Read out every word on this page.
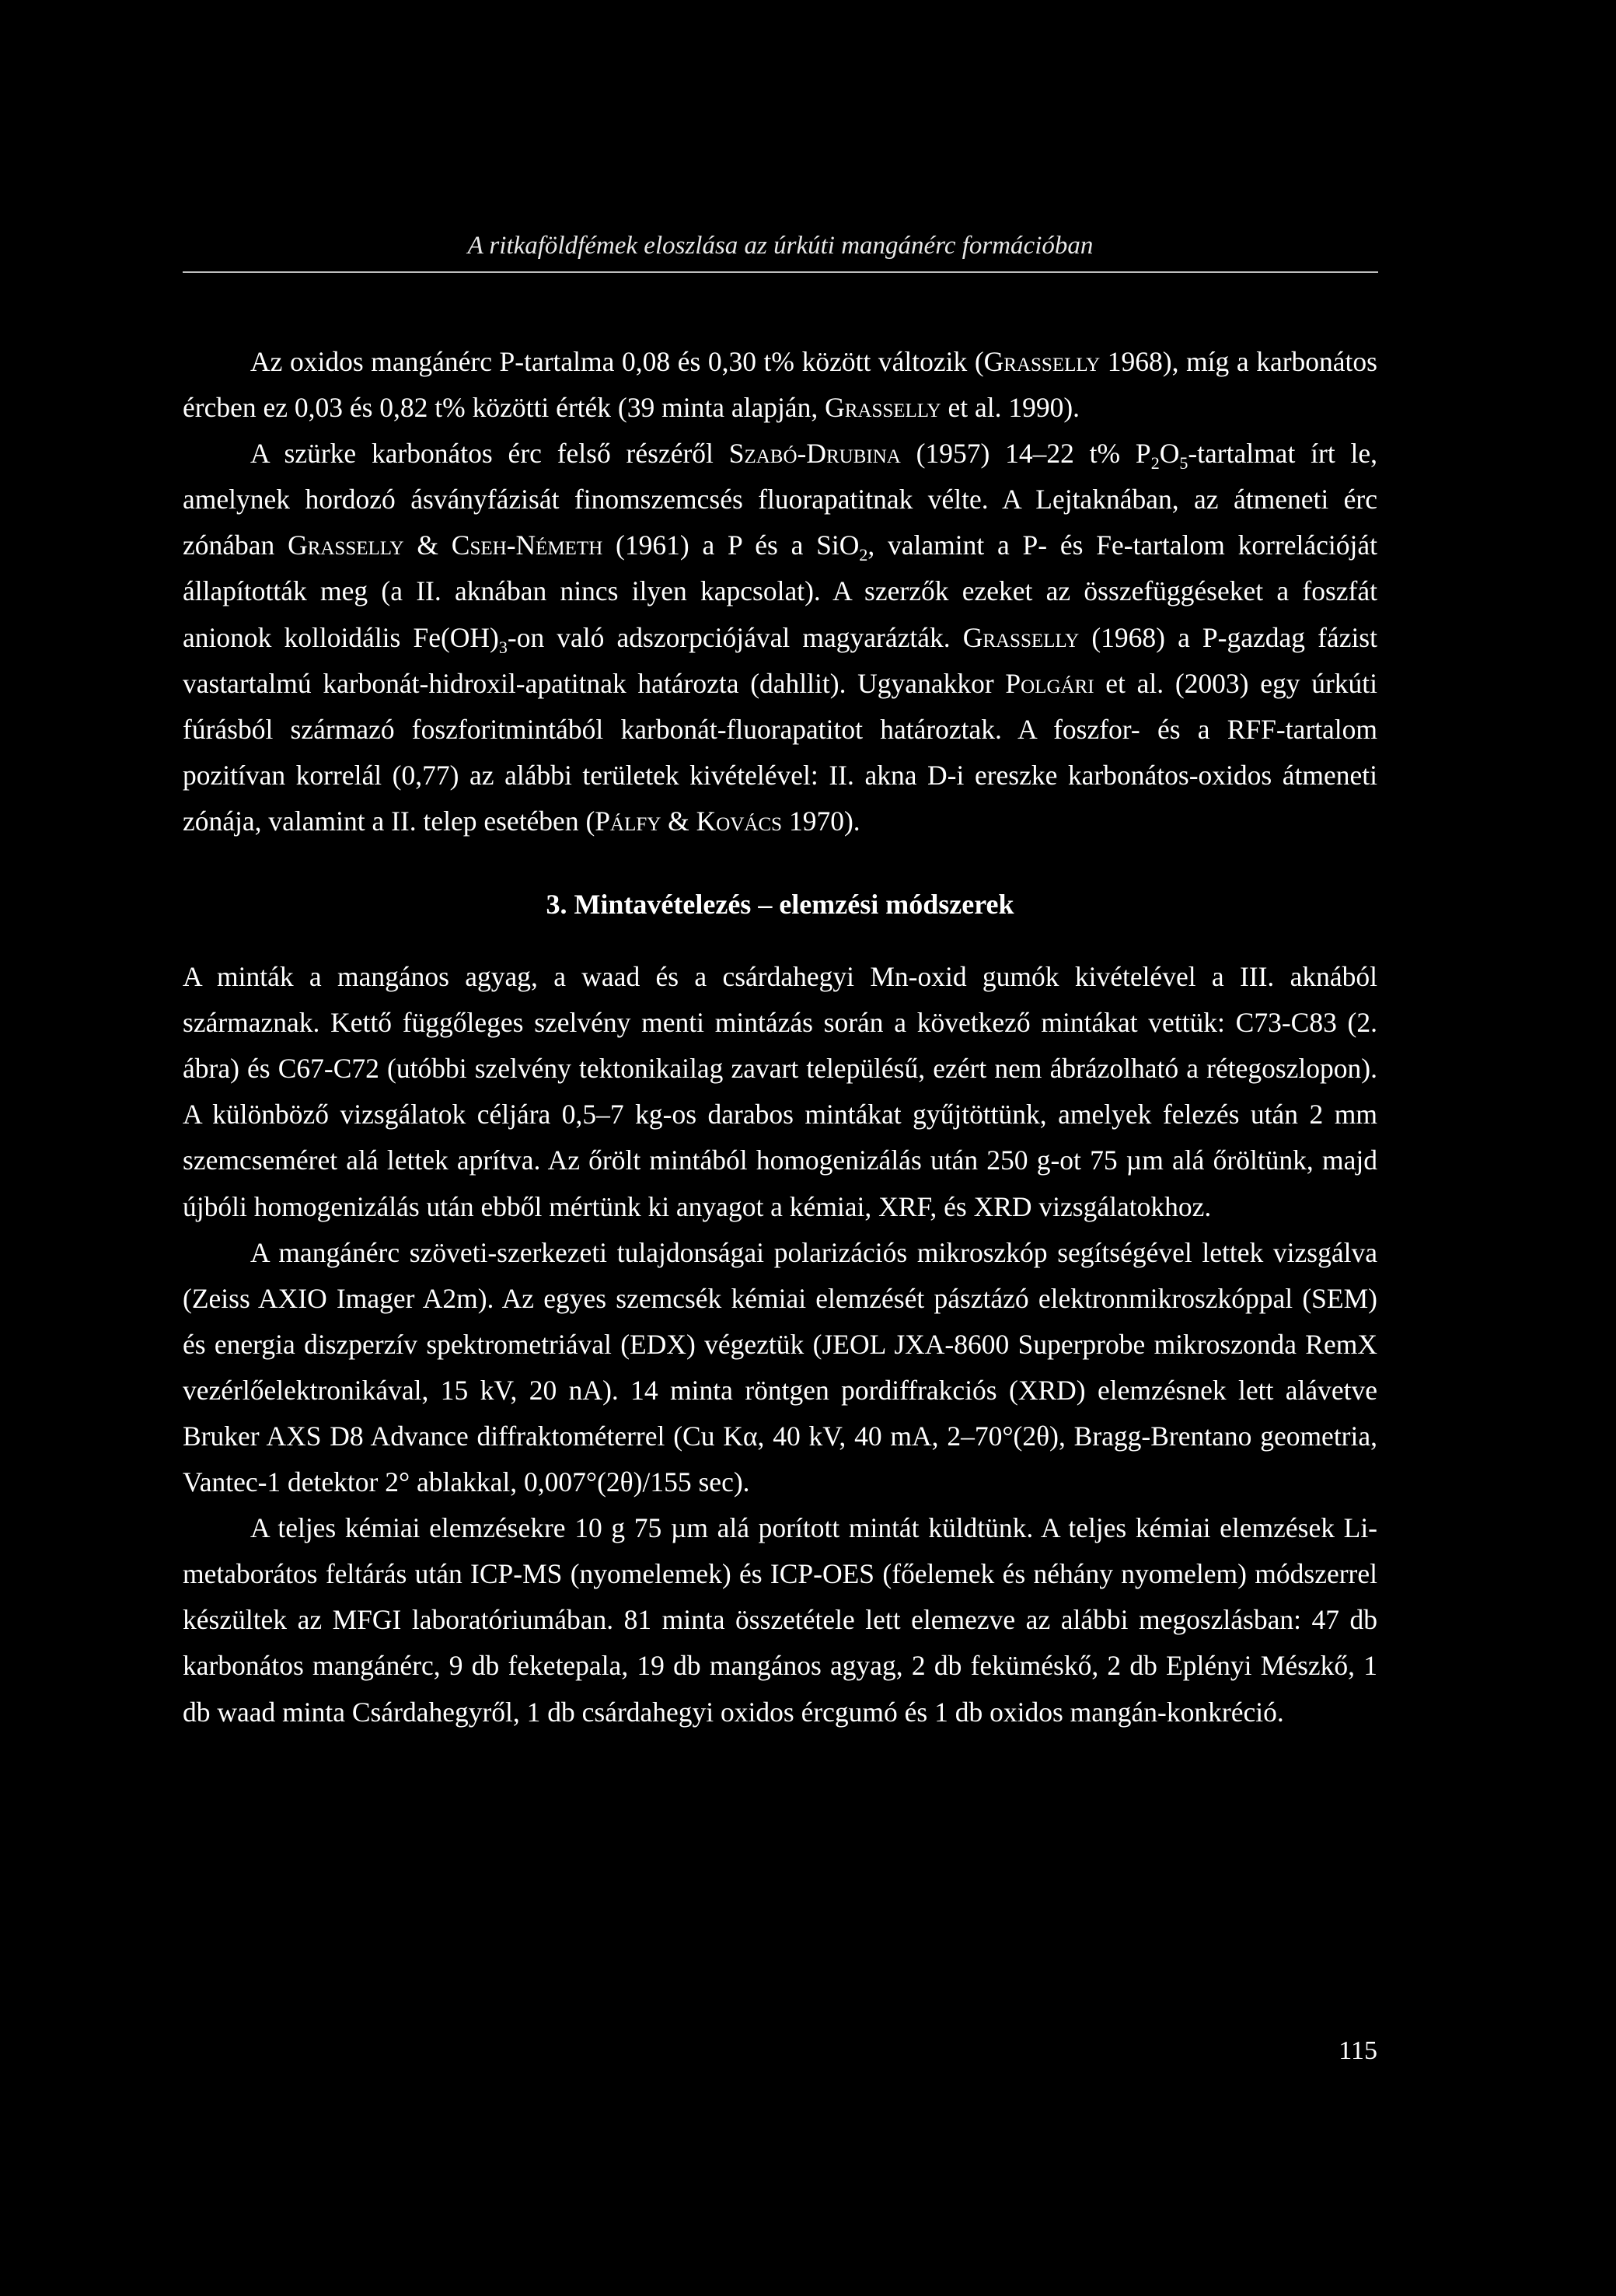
A ritkaföldfémek eloszlása az úrkúti mangánérc formációban

Az oxidos mangánérc P-tartalma 0,08 és 0,30 t% között változik (Grasselly 1968), míg a karbonátos ércben ez 0,03 és 0,82 t% közötti érték (39 minta alapján, Grasselly et al. 1990).

A szürke karbonátos érc felső részéről Szabó-Drubina (1957) 14–22 t% $P_2O_5$-tartalmat írt le, amelynek hordozó ásványfázisát finomszemcsés fluorapatitnak vélte. A Lejtaknában, az átmeneti érc zónában Grasselly & Cseh-Németh (1961) a P és a SiO$_2$, valamint a P- és Fe-tartalom korrelációját állapították meg (a II. aknában nincs ilyen kapcsolat). A szerzők ezeket az összefüggéseket a foszfát anionok kolloidális $Fe(OH)_3-on$ való adszorpciójával magyarázták. Grasselly (1968) a P-gazdag fázist vastartalmú karbonát-hidroxil-apatitnak határozta (dahllit). Ugyanakkor Polgári et al. (2003) egy úrkúti fúrásból származó foszforitmintából karbonát-fluorapatitot határoztak. A foszfor- és a RFF-tartalom pozitívan korrelál (0,77) az alábbi területek kivételével: II. akna D-i ereszke karbonátos-oxidos átmeneti zónája, valamint a II. telep esetében (Pálfy & Kovács 1970).

3. Mintavételezés – elemzési módszerek

A minták a mangános agyag, a waad és a csárdahegyi Mn-oxid gumók kivételével a III. aknából származnak. Kettő függőleges szelvény menti mintázás során a következő mintákat vettük: C73-C83 (2. ábra) és C67-C72 (utóbbi szelvény tektonikailag zavart településű, ezért nem ábrázolható a rétegoszlopon). A különböző vizsgálatok céljára 0,5–7 kg-os darabos mintákat gyűjtöttünk, amelyek felezés után 2 mm szemcseméret alá lettek aprítva. Az őrölt mintából homogenizálás után 250 g-ot 75 µm alá őröltünk, majd újbóli homogenizálás után ebből mértünk ki anyagot a kémiai, XRF, és XRD vizsgálatokhoz.

A mangánérc szöveti-szerkezeti tulajdonságai polarizációs mikroszkóp segítségével lettek vizsgálva (Zeiss AXIO Imager A2m). Az egyes szemcsék kémiai elemzését pásztázó elektronmikroszkóppal (SEM) és energia diszperzív spektrometriával (EDX) végeztük (JEOL JXA-8600 Superprobe mikroszonda RemX vezérlőelektronikával, 15 kV, 20 nA). 14 minta röntgen pordiffrakciós (XRD) elemzésnek lett alávetve Bruker AXS D8 Advance diffraktométerrel (Cu Kα, 40 kV, 40 mA, 2–70°(2θ), Bragg-Brentano geometria, Vantec-1 detektor 2° ablakkal, 0,007°(2θ)/155 sec).

A teljes kémiai elemzésekre 10 g 75 µm alá porított mintát küldtünk. A teljes kémiai elemzések Li-metaborátos feltárás után ICP-MS (nyomelemek) és ICP-OES (főelemek és néhány nyomelem) módszerrel készültek az MFGI laboratóriumában. 81 minta összetétele lett elemezve az alábbi megoszlásban: 47 db karbonátos mangánérc, 9 db feketepala, 19 db mangános agyag, 2 db feküméskő, 2 db Eplényi Mészkő, 1 db waad minta Csárdahegyről, 1 db csárdahegyi oxidos ércgumó és 1 db oxidos mangán-konkréció.

115
